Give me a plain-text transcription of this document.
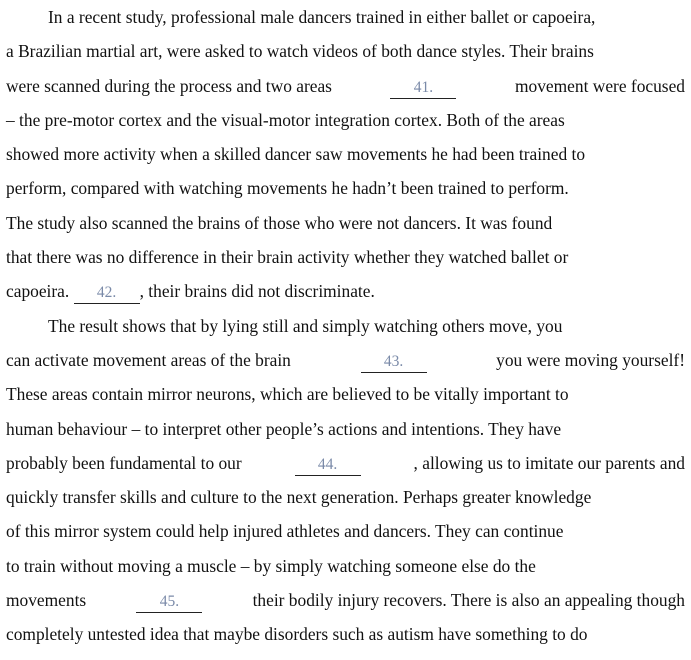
In a recent study, professional male dancers trained in either ballet or capoeira,
a Brazilian martial art, were asked to watch videos of both dance styles. Their brains
were scanned during the process and two areas	41.	movement were focused
– the pre-motor cortex and the visual-motor integration cortex. Both of the areas
showed more activity when a skilled dancer saw movements he had been trained to
perform, compared with watching movements he hadn’t been trained to perform.
The study also scanned the brains of those who were not dancers. It was found
that there was no difference in their brain activity whether they watched ballet or
capoeira.
	42.	, their brains did not discriminate.
The result shows that by lying still and simply watching others move, you
can activate movement areas of the brain	43.	you were moving yourself!
These areas contain mirror neurons, which are believed to be vitally important to
human behaviour – to interpret other people’s actions and intentions. They have
probably been fundamental to our	44.	, allowing us to imitate our parents and
quickly transfer skills and culture to the next generation. Perhaps greater knowledge
of this mirror system could help injured athletes and dancers. They can continue
to train without moving a muscle – by simply watching someone else do the
movements	45.	their bodily injury recovers. There is also an appealing though
completely untested idea that maybe disorders such as autism have something to do
